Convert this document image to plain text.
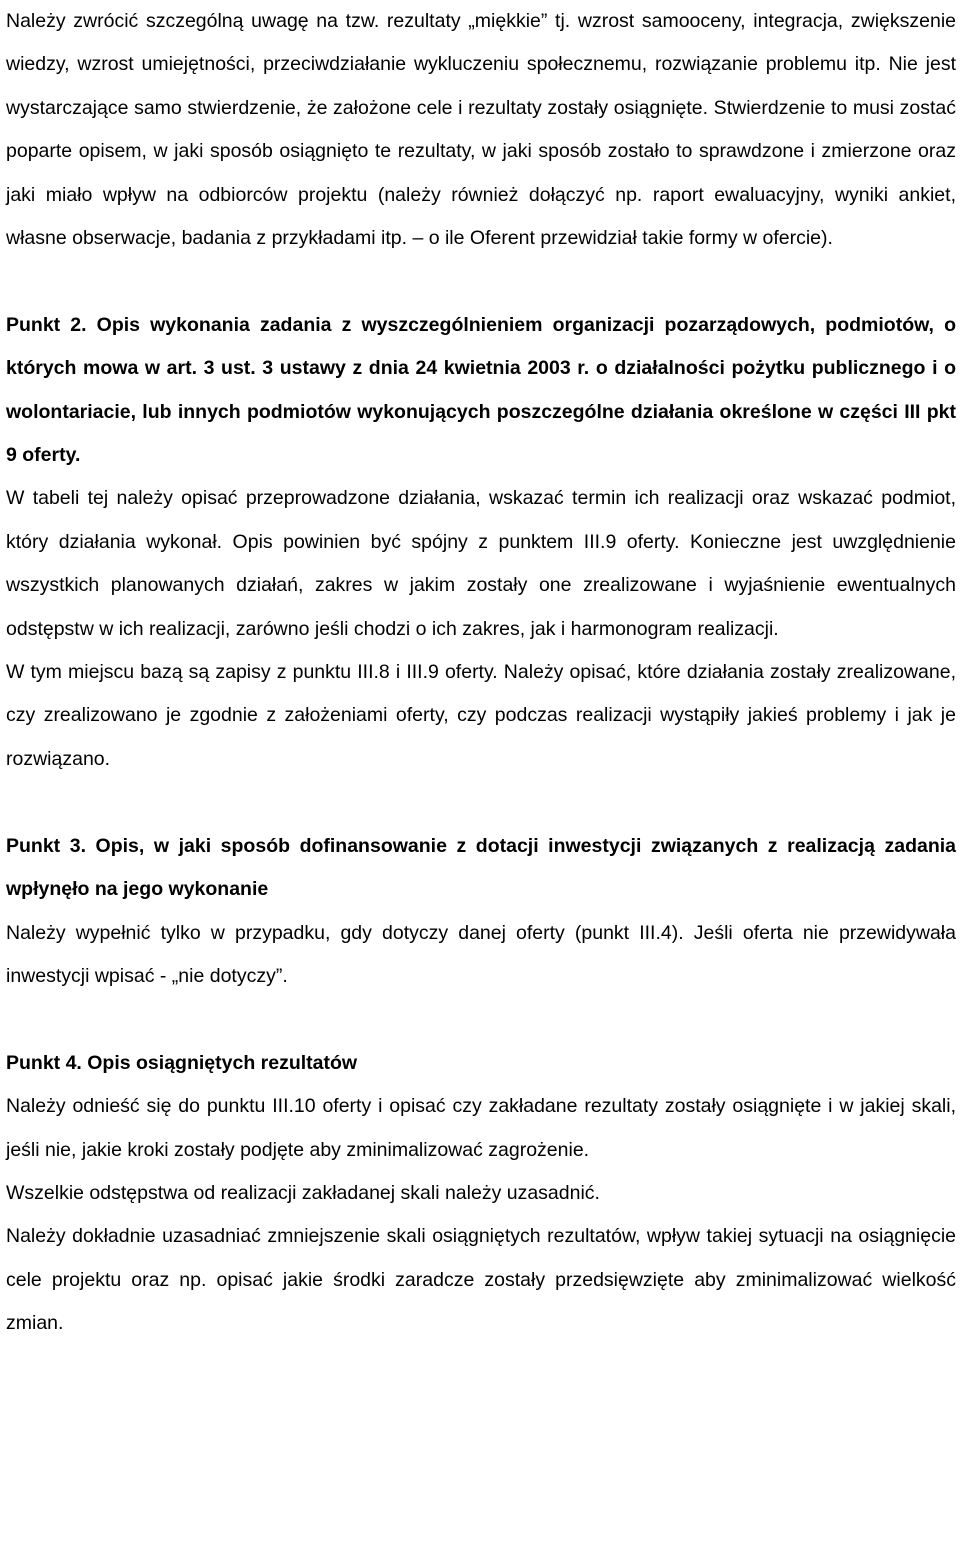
Należy zwrócić szczególną uwagę na tzw. rezultaty „miękkie” tj. wzrost samooceny, integracja, zwiększenie wiedzy, wzrost umiejętności, przeciwdziałanie wykluczeniu społecznemu, rozwiązanie problemu itp. Nie jest wystarczające samo stwierdzenie, że założone cele i rezultaty zostały osiągnięte. Stwierdzenie to musi zostać poparte opisem, w jaki sposób osiągnięto te rezultaty, w jaki sposób zostało to sprawdzone i zmierzone oraz jaki miało wpływ na odbiorców projektu (należy również dołączyć np. raport ewaluacyjny, wyniki ankiet, własne obserwacje, badania z przykładami itp. – o ile Oferent przewidział takie formy w ofercie).

Punkt 2. Opis wykonania zadania z wyszczególnieniem organizacji pozarządowych, podmiotów, o których mowa w art. 3 ust. 3 ustawy z dnia 24 kwietnia 2003 r. o działalności pożytku publicznego i o wolontariacie, lub innych podmiotów wykonujących poszczególne działania określone w części III pkt 9 oferty.

W tabeli tej należy opisać przeprowadzone działania, wskazać termin ich realizacji oraz wskazać podmiot, który działania wykonał. Opis powinien być spójny z punktem III.9 oferty. Konieczne jest uwzględnienie wszystkich planowanych działań, zakres w jakim zostały one zrealizowane i wyjaśnienie ewentualnych odstępstw w ich realizacji, zarówno jeśli chodzi o ich zakres, jak i harmonogram realizacji.

W tym miejscu bazą są zapisy z punktu III.8 i III.9 oferty. Należy opisać, które działania zostały zrealizowane, czy zrealizowano je zgodnie z założeniami oferty, czy podczas realizacji wystąpiły jakieś problemy i jak je rozwiązano.

Punkt 3. Opis, w jaki sposób dofinansowanie z dotacji inwestycji związanych z realizacją zadania wpłynęło na jego wykonanie

Należy wypełnić tylko w przypadku, gdy dotyczy danej oferty (punkt III.4). Jeśli oferta nie przewidywała inwestycji wpisać - „nie dotyczy”.

Punkt 4. Opis osiągniętych rezultatów

Należy odnieść się do punktu III.10 oferty i opisać czy zakładane rezultaty zostały osiągnięte i w jakiej skali, jeśli nie, jakie kroki zostały podjęte aby zminimalizować zagrożenie.

Wszelkie odstępstwa od realizacji zakładanej skali należy uzasadnić.

Należy dokładnie uzasadniać zmniejszenie skali osiągniętych rezultatów, wpływ takiej sytuacji na osiągnięcie cele projektu oraz np. opisać jakie środki zaradcze zostały przedsięwzięte aby zminimalizować wielkość zmian.
